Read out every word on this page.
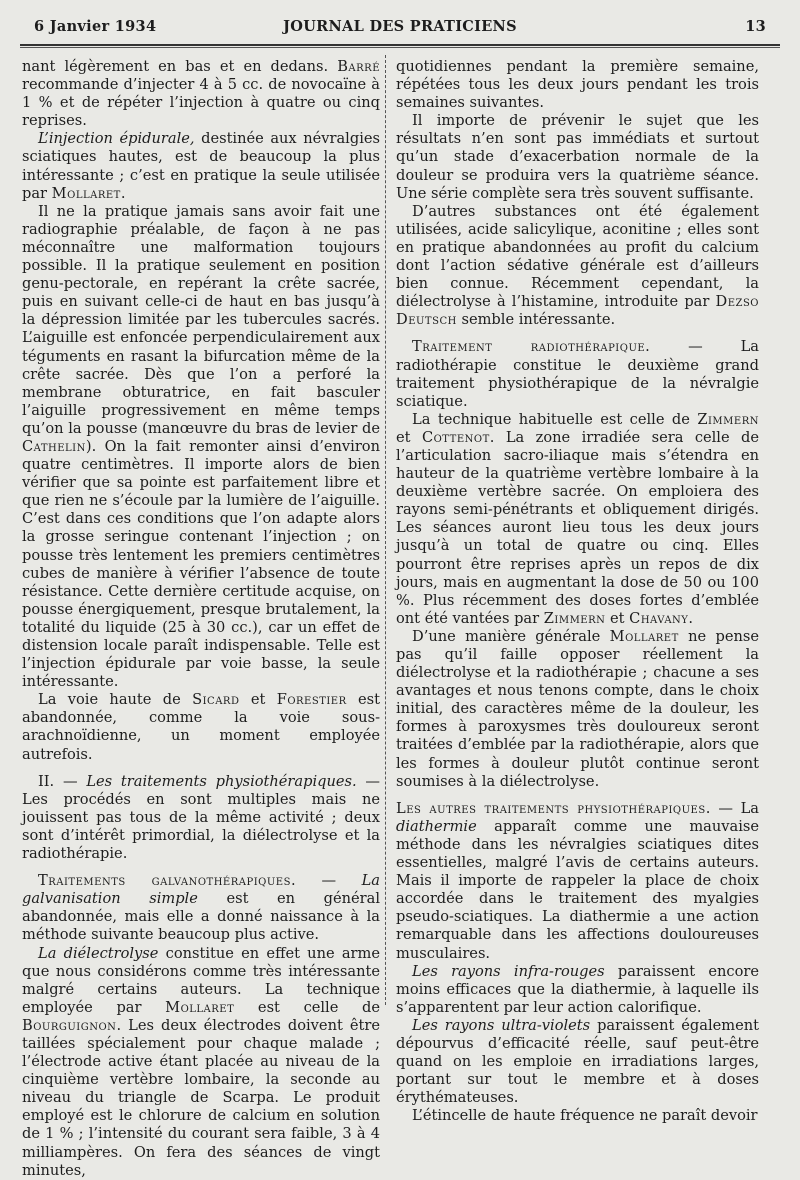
6 Janvier 1934	JOURNAL DES PRATICIENS	13

nant légèrement en bas et en dedans. Barré recommande d’injecter 4 à 5 cc. de novocaïne à 1 % et de répéter l’injection à quatre ou cinq reprises.

L’injection épidurale, destinée aux névralgies sciatiques hautes, est de beaucoup la plus intéressante ; c’est en pratique la seule utilisée par Mollaret.

Il ne la pratique jamais sans avoir fait une radiographie préalable, de façon à ne pas méconnaître une malformation toujours possible. Il la pratique seulement en position genu-pectorale, en repérant la crête sacrée, puis en suivant celle-ci de haut en bas jusqu’à la dépression limitée par les tubercules sacrés. L’aiguille est enfoncée perpendiculairement aux téguments en rasant la bifurcation même de la crête sacrée. Dès que l’on a perforé la membrane obturatrice, en fait basculer l’aiguille progressivement en même temps qu’on la pousse (manœuvre du bras de levier de Cathelin). On la fait remonter ainsi d’environ quatre centimètres. Il importe alors de bien vérifier que sa pointe est parfaitement libre et que rien ne s’écoule par la lumière de l’aiguille. C’est dans ces conditions que l’on adapte alors la grosse seringue contenant l’injection ; on pousse très lentement les premiers centimètres cubes de manière à vérifier l’absence de toute résistance. Cette dernière certitude acquise, on pousse énergiquement, presque brutalement, la totalité du liquide (25 à 30 cc.), car un effet de distension locale paraît indispensable. Telle est l’injection épidurale par voie basse, la seule intéressante.

La voie haute de Sicard et Forestier est abandonnée, comme la voie sous-arachnoïdienne, un moment employée autrefois.

II. — Les traitements physiothérapiques. — Les procédés en sont multiples mais ne jouissent pas tous de la même activité ; deux sont d’intérêt primordial, la diélectrolyse et la radiothérapie.

Traitements galvanothérapiques. — La galvanisation simple est en général abandonnée, mais elle a donné naissance à la méthode suivante beaucoup plus active.

La diélectrolyse constitue en effet une arme que nous considérons comme très intéressante malgré certains auteurs. La technique employée par Mollaret est celle de Bourguignon. Les deux électrodes doivent être taillées spécialement pour chaque malade ; l’électrode active étant placée au niveau de la cinquième vertèbre lombaire, la seconde au niveau du triangle de Scarpa. Le produit employé est le chlorure de calcium en solution de 1 % ; l’intensité du courant sera faible, 3 à 4 milliampères. On fera des séances de vingt minutes,

quotidiennes pendant la première semaine, répétées tous les deux jours pendant les trois semaines suivantes.

Il importe de prévenir le sujet que les résultats n’en sont pas immédiats et surtout qu’un stade d’exacerbation normale de la douleur se produira vers la quatrième séance. Une série complète sera très souvent suffisante.

D’autres substances ont été également utilisées, acide salicylique, aconitine ; elles sont en pratique abandonnées au profit du calcium dont l’action sédative générale est d’ailleurs bien connue. Récemment cependant, la diélectrolyse à l’histamine, introduite par Dezso Deutsch semble intéressante.

Traitement radiothérapique. — La radiothérapie constitue le deuxième grand traitement physiothérapique de la névralgie sciatique.

La technique habituelle est celle de Zimmern et Cottenot. La zone irradiée sera celle de l’articulation sacro-iliaque mais s’étendra en hauteur de la quatrième vertèbre lombaire à la deuxième vertèbre sacrée. On emploiera des rayons semi-pénétrants et obliquement dirigés. Les séances auront lieu tous les deux jours jusqu’à un total de quatre ou cinq. Elles pourront être reprises après un repos de dix jours, mais en augmentant la dose de 50 ou 100 %. Plus récemment des doses fortes d’emblée ont été vantées par Zimmern et Chavany.

D’une manière générale Mollaret ne pense pas qu’il faille opposer réellement la diélectrolyse et la radiothérapie ; chacune a ses avantages et nous tenons compte, dans le choix initial, des caractères même de la douleur, les formes à paroxysmes très douloureux seront traitées d’emblée par la radiothérapie, alors que les formes à douleur plutôt continue seront soumises à la diélectrolyse.

Les autres traitements physiothérapiques. — La diathermie apparaît comme une mauvaise méthode dans les névralgies sciatiques dites essentielles, malgré l’avis de certains auteurs. Mais il importe de rappeler la place de choix accordée dans le traitement des myalgies pseudo-sciatiques. La diathermie a une action remarquable dans les affections douloureuses musculaires.

Les rayons infra-rouges paraissent encore moins efficaces que la diathermie, à laquelle ils s’apparentent par leur action calorifique.

Les rayons ultra-violets paraissent également dépourvus d’efficacité réelle, sauf peut-être quand on les emploie en irradiations larges, portant sur tout le membre et à doses érythémateuses.

L’étincelle de haute fréquence ne paraît devoir
